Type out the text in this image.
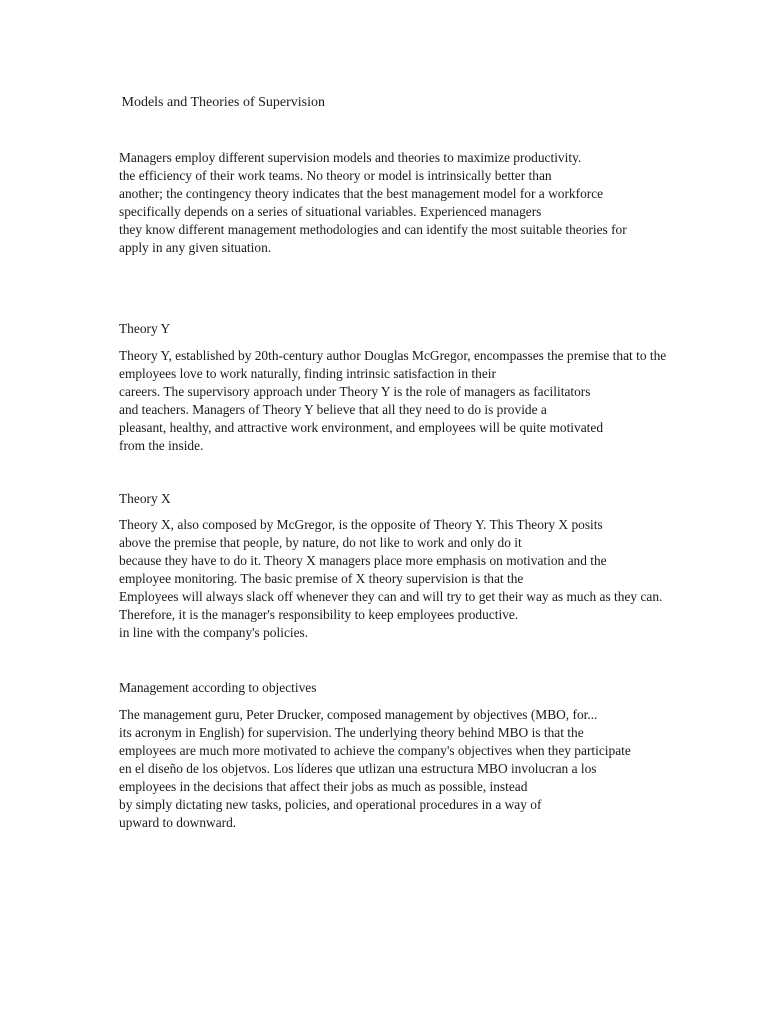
Models and Theories of Supervision
Managers employ different supervision models and theories to maximize productivity.
the efficiency of their work teams. No theory or model is intrinsically better than
another; the contingency theory indicates that the best management model for a workforce
specifically depends on a series of situational variables. Experienced managers
they know different management methodologies and can identify the most suitable theories for
apply in any given situation.
Theory Y
Theory Y, established by 20th-century author Douglas McGregor, encompasses the premise that to the
employees love to work naturally, finding intrinsic satisfaction in their
careers. The supervisory approach under Theory Y is the role of managers as facilitators
and teachers. Managers of Theory Y believe that all they need to do is provide a
pleasant, healthy, and attractive work environment, and employees will be quite motivated
from the inside.
Theory X
Theory X, also composed by McGregor, is the opposite of Theory Y. This Theory X posits
above the premise that people, by nature, do not like to work and only do it
because they have to do it. Theory X managers place more emphasis on motivation and the
employee monitoring. The basic premise of X theory supervision is that the
Employees will always slack off whenever they can and will try to get their way as much as they can.
Therefore, it is the manager's responsibility to keep employees productive.
in line with the company's policies.
Management according to objectives
The management guru, Peter Drucker, composed management by objectives (MBO, for...
its acronym in English) for supervision. The underlying theory behind MBO is that the
employees are much more motivated to achieve the company's objectives when they participate
en el diseño de los objetvos. Los líderes que utlizan una estructura MBO involucran a los
employees in the decisions that affect their jobs as much as possible, instead
by simply dictating new tasks, policies, and operational procedures in a way of
upward to downward.
